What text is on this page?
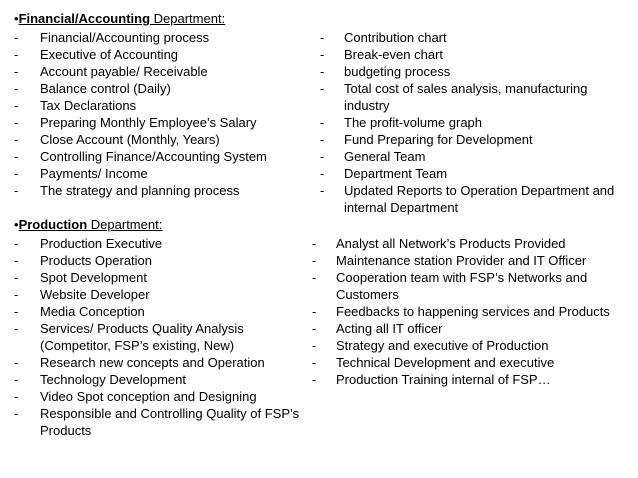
•Financial/Accounting Department:
- Financial/Accounting process
- Executive of Accounting
- Account payable/ Receivable
- Balance control (Daily)
- Tax Declarations
- Preparing Monthly Employee’s Salary
- Close Account (Monthly, Years)
- Controlling Finance/Accounting System
- Payments/ Income
- The strategy and planning process
- Contribution chart
- Break-even chart
- budgeting process
- Total cost of sales analysis, manufacturing
industry
- The profit-volume graph
- Fund Preparing for Development
- General Team
- Department Team
- Updated Reports to Operation Department and
internal Department
•Production Department:
- Production Executive
- Products Operation
- Spot Development
- Website Developer
- Media Conception
- Services/ Products Quality Analysis
(Competitor, FSP’s existing, New)
- Research new concepts and Operation
- Technology Development
- Video Spot conception and Designing
- Responsible and Controlling Quality of FSP’s
Products
- Analyst all Network’s Products Provided
- Maintenance station Provider and IT Officer
- Cooperation team with FSP’s Networks and
Customers
- Feedbacks to happening services and Products
- Acting all IT officer
- Strategy and executive of Production
- Technical Development and executive
- Production Training internal of FSP…
